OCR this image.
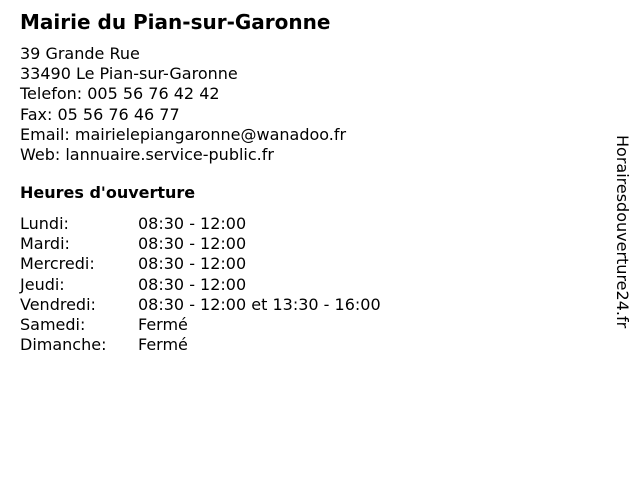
Mairie du Pian-sur-Garonne
39 Grande Rue
33490 Le Pian-sur-Garonne
Telefon: 005 56 76 42 42
Fax: 05 56 76 46 77
Email: mairielepiangaronne@wanadoo.fr
Web: lannuaire.service-public.fr
Heures d'ouverture
Lundi:	08:30 - 12:00
Mardi:	08:30 - 12:00
Mercredi:	08:30 - 12:00
Jeudi:	08:30 - 12:00
Vendredi:	08:30 - 12:00 et 13:30 - 16:00
Samedi:	Fermé
Dimanche: Fermé
Horairesdouverture24.fr
